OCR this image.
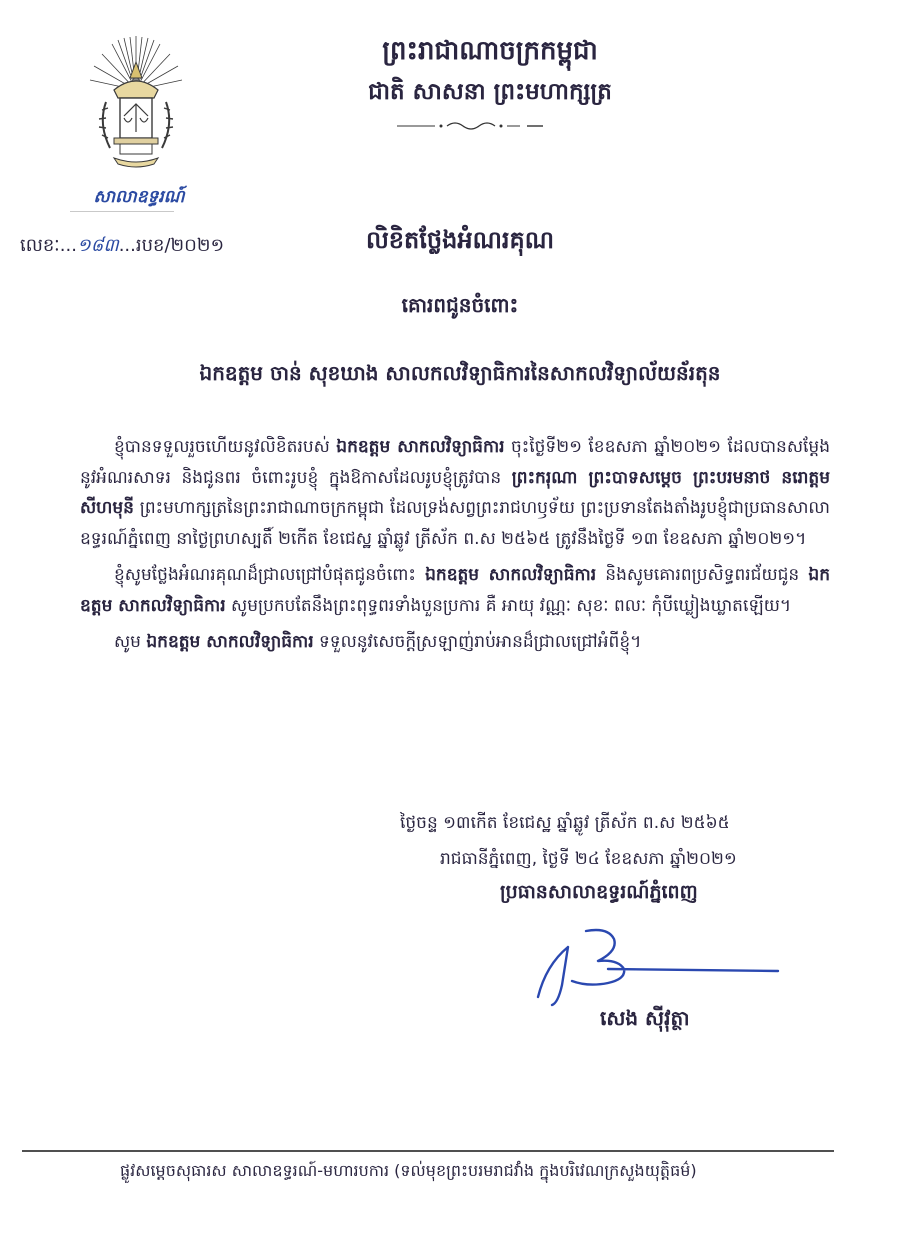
សាលាឧទ្ធរណ៍
ព្រះរាជាណាចក្រកម្ពុជា
ជាតិ សាសនា ព្រះមហាក្សត្រ
លេខៈ...១៨៣...របខ/២០២១	លិខិតថ្លែងអំណរគុណ
គោរពជូនចំពោះ
ឯកឧត្តម ចាន់ សុខឃាង សាលកលវិទ្យាធិការនៃសាកលវិទ្យាល័យន័រតុន

ខ្ញុំបានទទួលរួចហើយនូវលិខិតរបស់ ឯកឧត្តម សាកលវិទ្យាធិការ ចុះថ្ងៃទី២១ ខែឧសភា ឆ្នាំ២០២១ ដែលបានសម្តែងនូវអំណរសាទរ និងជូនពរ ចំពោះរូបខ្ញុំ ក្នុងឱកាសដែលរូបខ្ញុំត្រូវបាន ព្រះករុណា ព្រះបាទសម្តេច ព្រះបរមនាថ នរោត្តម សីហមុនី ព្រះមហាក្សត្រនៃព្រះរាជាណាចក្រកម្ពុជា ដែលទ្រង់សព្វព្រះរាជហឫទ័យ ព្រះប្រទានតែងតាំងរូបខ្ញុំជាប្រធានសាលាឧទ្ធរណ៍ភ្នំពេញ នាថ្ងៃព្រហស្បតិ៍ ២កើត ខែជេស្ឋ ឆ្នាំឆ្លូវ ត្រីស័ក ព.ស ២៥៦៥ ត្រូវនឹងថ្ងៃទី ១៣ ខែឧសភា ឆ្នាំ២០២១។

ខ្ញុំសូមថ្លែងអំណរគុណដ៏ជ្រាលជ្រៅបំផុតជូនចំពោះ ឯកឧត្តម សាកលវិទ្យាធិការ និងសូមគោរពប្រសិទ្ធពរជ័យជូន ឯកឧត្តម សាកលវិទ្យាធិការ សូមប្រកបតែនឹងព្រះពុទ្ធពរទាំងបួនប្រការ គឺ អាយុ វណ្ណៈ សុខៈ ពលៈ កុំបីឃ្លៀងឃ្លាតឡើយ។

សូម ឯកឧត្តម សាកលវិទ្យាធិការ ទទួលនូវសេចក្តីស្រឡាញ់រាប់អានដ៏ជ្រាលជ្រៅអំពីខ្ញុំ។

ថ្ងៃចន្ទ ១៣កើត ខែជេស្ឋ ឆ្នាំឆ្លូវ ត្រីស័ក ព.ស ២៥៦៥
រាជធានីភ្នំពេញ, ថ្ងៃទី ២៤ ខែឧសភា ឆ្នាំ២០២១
ប្រធានសាលាឧទ្ធរណ៍ភ្នំពេញ
សេង ស៊ីវុត្ថា
ផ្លូវសម្តេចសុធារស សាលាឧទ្ធរណ៍-មហារបការ (ទល់មុខព្រះបរមរាជវាំង ក្នុងបរិវេណក្រសួងយុត្តិធម៌)
